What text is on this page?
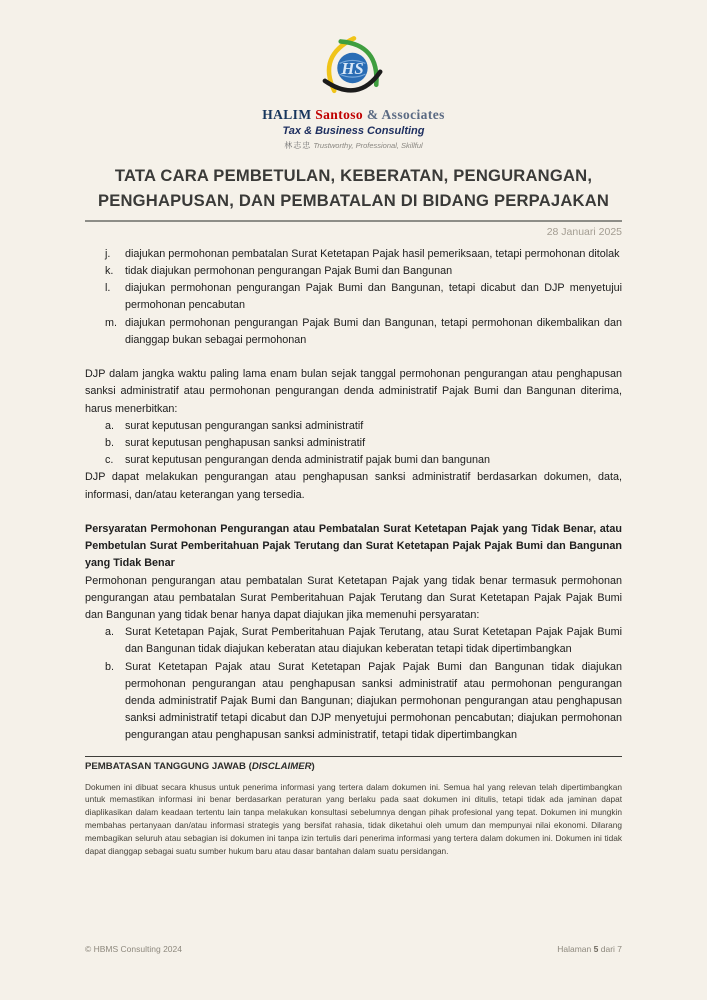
HS
HALIM Santoso & Associates
Tax & Business Consulting
林志忠 Trustworthy, Professional, Skillful
TATA CARA PEMBETULAN, KEBERATAN, PENGURANGAN,
PENGHAPUSAN, DAN PEMBATALAN DI BIDANG PERPAJAKAN
28 Januari 2025
j. diajukan permohonan pembatalan Surat Ketetapan Pajak hasil pemeriksaan, tetapi permohonan ditolak
k. tidak diajukan permohonan pengurangan Pajak Bumi dan Bangunan
l. diajukan permohonan pengurangan Pajak Bumi dan Bangunan, tetapi dicabut dan DJP menyetujui permohonan pencabutan
m. diajukan permohonan pengurangan Pajak Bumi dan Bangunan, tetapi permohonan dikembalikan dan dianggap bukan sebagai permohonan

DJP dalam jangka waktu paling lama enam bulan sejak tanggal permohonan pengurangan atau penghapusan sanksi administratif atau permohonan pengurangan denda administratif Pajak Bumi dan Bangunan diterima, harus menerbitkan:

a. surat keputusan pengurangan sanksi administratif
b. surat keputusan penghapusan sanksi administratif
c. surat keputusan pengurangan denda administratif pajak bumi dan bangunan

DJP dapat melakukan pengurangan atau penghapusan sanksi administratif berdasarkan dokumen, data, informasi, dan/atau keterangan yang tersedia.

Persyaratan Permohonan Pengurangan atau Pembatalan Surat Ketetapan Pajak yang Tidak Benar, atau Pembetulan Surat Pemberitahuan Pajak Terutang dan Surat Ketetapan Pajak Pajak Bumi dan Bangunan yang Tidak Benar

Permohonan pengurangan atau pembatalan Surat Ketetapan Pajak yang tidak benar termasuk permohonan pengurangan atau pembatalan Surat Pemberitahuan Pajak Terutang dan Surat Ketetapan Pajak Pajak Bumi dan Bangunan yang tidak benar hanya dapat diajukan jika memenuhi persyaratan:

a. Surat Ketetapan Pajak, Surat Pemberitahuan Pajak Terutang, atau Surat Ketetapan Pajak Pajak Bumi dan Bangunan tidak diajukan keberatan atau diajukan keberatan tetapi tidak dipertimbangkan
b. Surat Ketetapan Pajak atau Surat Ketetapan Pajak Pajak Bumi dan Bangunan tidak diajukan permohonan pengurangan atau penghapusan sanksi administratif atau permohonan pengurangan denda administratif Pajak Bumi dan Bangunan; diajukan permohonan pengurangan atau penghapusan sanksi administratif tetapi dicabut dan DJP menyetujui permohonan pencabutan; diajukan permohonan pengurangan atau penghapusan sanksi administratif, tetapi tidak dipertimbangkan
PEMBATASAN TANGGUNG JAWAB (DISCLAIMER)

Dokumen ini dibuat secara khusus untuk penerima informasi yang tertera dalam dokumen ini. Semua hal yang relevan telah dipertimbangkan untuk memastikan informasi ini benar berdasarkan peraturan yang berlaku pada saat dokumen ini ditulis, tetapi tidak ada jaminan dapat diaplikasikan dalam keadaan tertentu lain tanpa melakukan konsultasi sebelumnya dengan pihak profesional yang tepat. Dokumen ini mungkin membahas pertanyaan dan/atau informasi strategis yang bersifat rahasia, tidak diketahui oleh umum dan mempunyai nilai ekonomi. Dilarang membagikan seluruh atau sebagian isi dokumen ini tanpa izin tertulis dari penerima informasi yang tertera dalam dokumen ini. Dokumen ini tidak dapat dianggap sebagai suatu sumber hukum baru atau dasar bantahan dalam suatu persidangan.

© HBMS Consulting 2024	Halaman 5 dari 7
